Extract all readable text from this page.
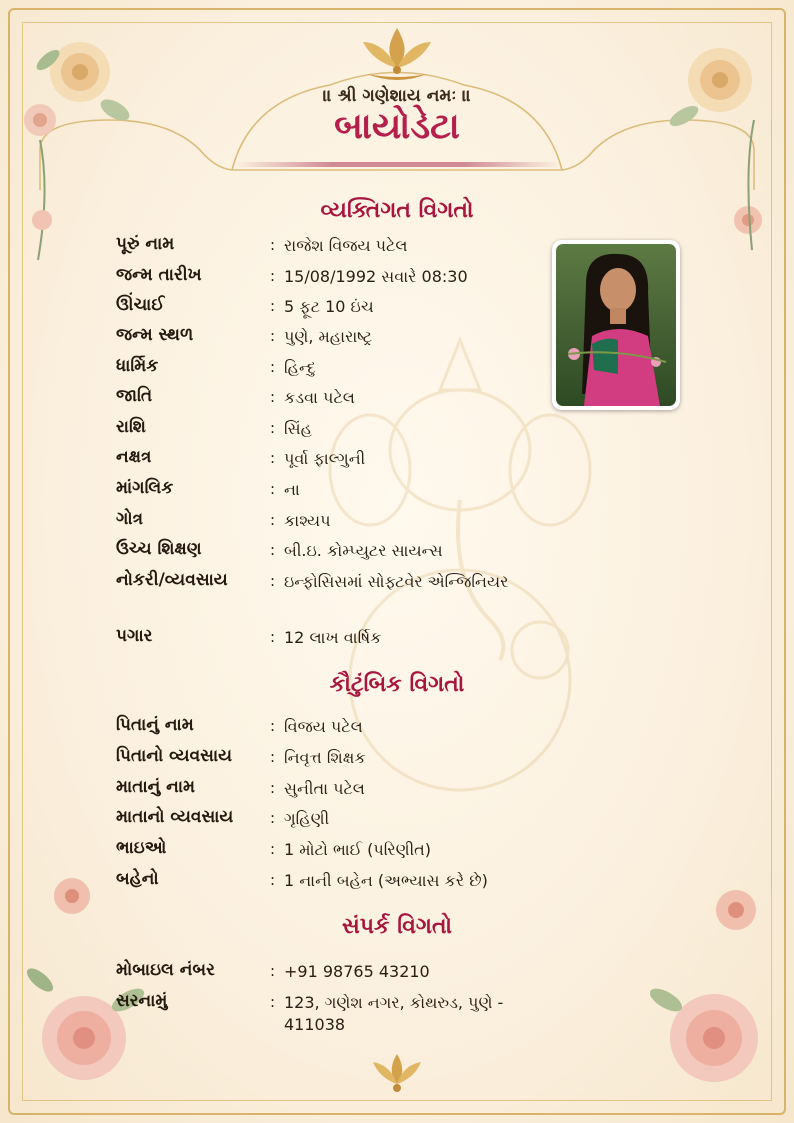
॥ શ્રી ગણેશાય નમઃ ॥
બાયોડેટા
વ્યક્તિગત વિગતો
પૂરું નામ	: રાજેશ વિજય પટેલ
જન્મ તારીખ	: 15/08/1992 સવારે 08:30
ઊંચાઈ	: 5 ફૂટ 10 ઇંચ
જન્મ સ્થળ	: પુણે, મહારાષ્ટ્ર
ધાર્મિક	: હિન્દુ
જાતિ	: કડવા પટેલ
રાશિ	: સિંહ
નક્ષત્ર	: પૂર્વા ફાલ્ગુની
માંગલિક	: ના
ગોત્ર	: કાશ્યપ
ઉચ્ચ શિક્ષણ	: બી.ઇ. કોમ્પ્યુટર સાયન્સ
નોકરી/વ્યવસાય	: ઇન્ફોસિસમાં સોફ્ટવેર એન્જિનિયર
પગાર	: 12 લાખ વાર્ષિક
કૌટુંબિક વિગતો
પિતાનું નામ	: વિજય પટેલ
પિતાનો વ્યવસાય	: નિવૃત્ત શિક્ષક
માતાનું નામ	: સુનીતા પટેલ
માતાનો વ્યવસાય : ગૃહિણી
ભાઇઓ	: 1 મોટો ભાઈ (પરિણીત)
બહેનો	: 1 નાની બહેન (અભ્યાસ કરે છે)
સંપર્ક વિગતો
મોબાઇલ નંબર	: +91 98765 43210
સરનામું	: 123, ગણેશ નગર, કોથરુડ, પુણે - 411038
